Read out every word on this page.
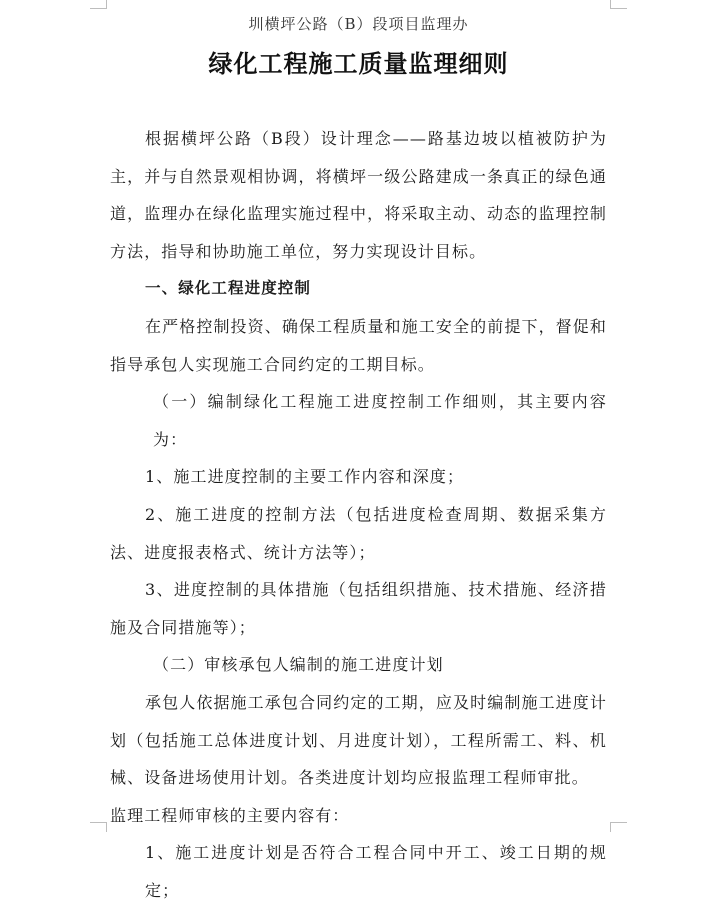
圳横坪公路（B）段项目监理办
绿化工程施工质量监理细则

根据横坪公路（B段）设计理念——路基边坡以植被防护为主，并与自然景观相协调，将横坪一级公路建成一条真正的绿色通道，监理办在绿化监理实施过程中，将采取主动、动态的监理控制方法，指导和协助施工单位，努力实现设计目标。

一、绿化工程进度控制

在严格控制投资、确保工程质量和施工安全的前提下，督促和指导承包人实现施工合同约定的工期目标。

（一）编制绿化工程施工进度控制工作细则，其主要内容为：

1、施工进度控制的主要工作内容和深度；

2、施工进度的控制方法（包括进度检查周期、数据采集方法、进度报表格式、统计方法等）；

3、进度控制的具体措施（包括组织措施、技术措施、经济措施及合同措施等）；

（二）审核承包人编制的施工进度计划

承包人依据施工承包合同约定的工期，应及时编制施工进度计划（包括施工总体进度计划、月进度计划），工程所需工、料、机械、设备进场使用计划。各类进度计划均应报监理工程师审批。

监理工程师审核的主要内容有：

1、施工进度计划是否符合工程合同中开工、竣工日期的规定；
